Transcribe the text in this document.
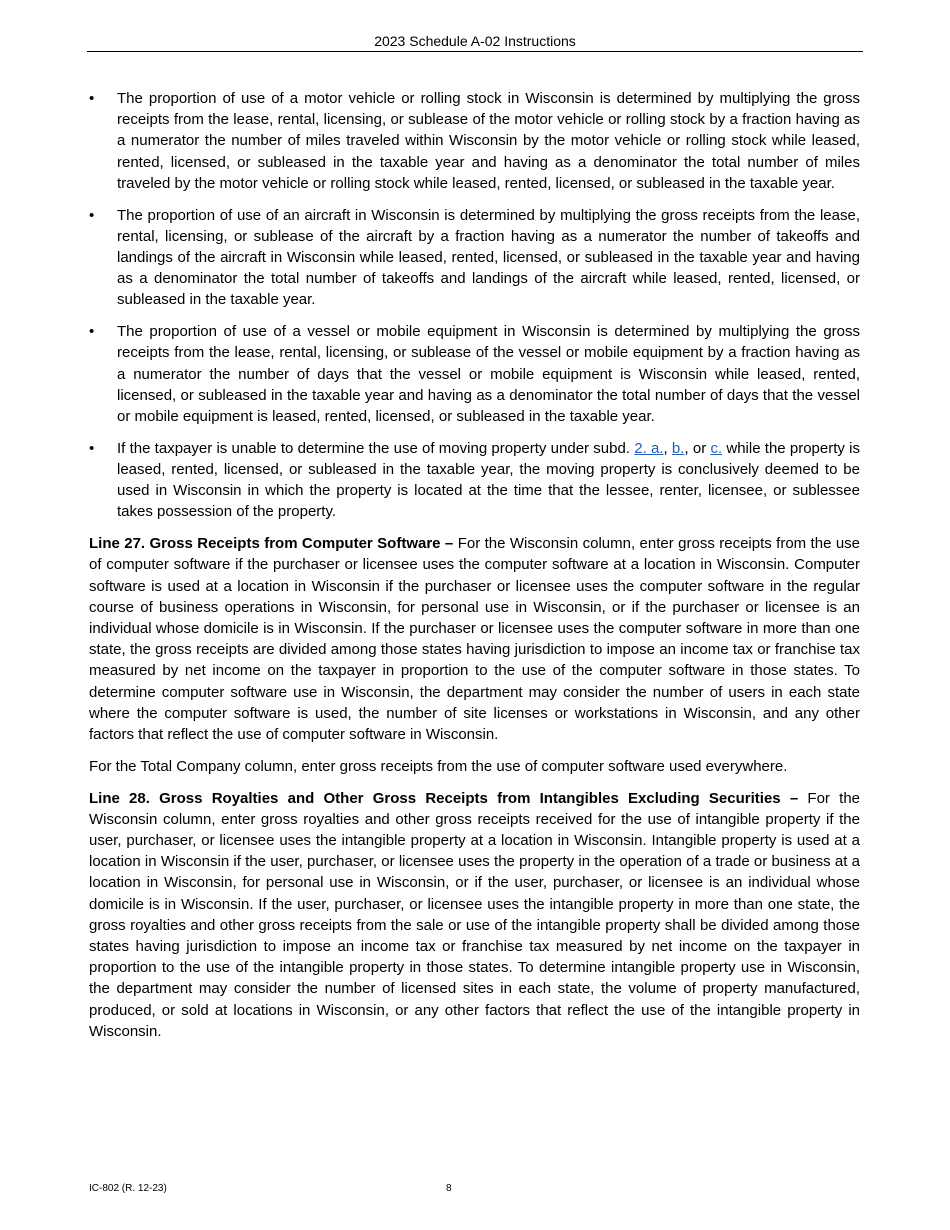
2023 Schedule A-02 Instructions
•	The proportion of use of a motor vehicle or rolling stock in Wisconsin is determined by multiplying the gross receipts from the lease, rental, licensing, or sublease of the motor vehicle or rolling stock by a fraction having as a numerator the number of miles traveled within Wisconsin by the motor vehicle or rolling stock while leased, rented, licensed, or subleased in the taxable year and having as a denominator the total number of miles traveled by the motor vehicle or rolling stock while leased, rented, licensed, or subleased in the taxable year.
•	The proportion of use of an aircraft in Wisconsin is determined by multiplying the gross receipts from the lease, rental, licensing, or sublease of the aircraft by a fraction having as a numerator the number of takeoffs and landings of the aircraft in Wisconsin while leased, rented, licensed, or subleased in the taxable year and having as a denominator the total number of takeoffs and landings of the aircraft while leased, rented, licensed, or subleased in the taxable year.
•	The proportion of use of a vessel or mobile equipment in Wisconsin is determined by multiplying the gross receipts from the lease, rental, licensing, or sublease of the vessel or mobile equipment by a fraction having as a numerator the number of days that the vessel or mobile equipment is Wisconsin while leased, rented, licensed, or subleased in the taxable year and having as a denominator the total number of days that the vessel or mobile equipment is leased, rented, licensed, or subleased in the taxable year.
•	If the taxpayer is unable to determine the use of moving property under subd. 2. a., b., or c. while the property is leased, rented, licensed, or subleased in the taxable year, the moving property is conclusively deemed to be used in Wisconsin in which the property is located at the time that the lessee, renter, licensee, or sublessee takes possession of the property.

Line 27. Gross Receipts from Computer Software – For the Wisconsin column, enter gross receipts from the use of computer software if the purchaser or licensee uses the computer software at a location in Wisconsin. Computer software is used at a location in Wisconsin if the purchaser or licensee uses the computer software in the regular course of business operations in Wisconsin, for personal use in Wisconsin, or if the purchaser or licensee is an individual whose domicile is in Wisconsin. If the purchaser or licensee uses the computer software in more than one state, the gross receipts are divided among those states having jurisdiction to impose an income tax or franchise tax measured by net income on the taxpayer in proportion to the use of the computer software in those states. To determine computer software use in Wisconsin, the department may consider the number of users in each state where the computer software is used, the number of site licenses or workstations in Wisconsin, and any other factors that reflect the use of computer software in Wisconsin.

For the Total Company column, enter gross receipts from the use of computer software used everywhere.

Line 28. Gross Royalties and Other Gross Receipts from Intangibles Excluding Securities – For the Wisconsin column, enter gross royalties and other gross receipts received for the use of intangible property if the user, purchaser, or licensee uses the intangible property at a location in Wisconsin. Intangible property is used at a location in Wisconsin if the user, purchaser, or licensee uses the property in the operation of a trade or business at a location in Wisconsin, for personal use in Wisconsin, or if the user, purchaser, or licensee is an individual whose domicile is in Wisconsin. If the user, purchaser, or licensee uses the intangible property in more than one state, the gross royalties and other gross receipts from the sale or use of the intangible property shall be divided among those states having jurisdiction to impose an income tax or franchise tax measured by net income on the taxpayer in proportion to the use of the intangible property in those states. To determine intangible property use in Wisconsin, the department may consider the number of licensed sites in each state, the volume of property manufactured, produced, or sold at locations in Wisconsin, or any other factors that reflect the use of the intangible property in Wisconsin.

IC-802 (R. 12-23)	8
